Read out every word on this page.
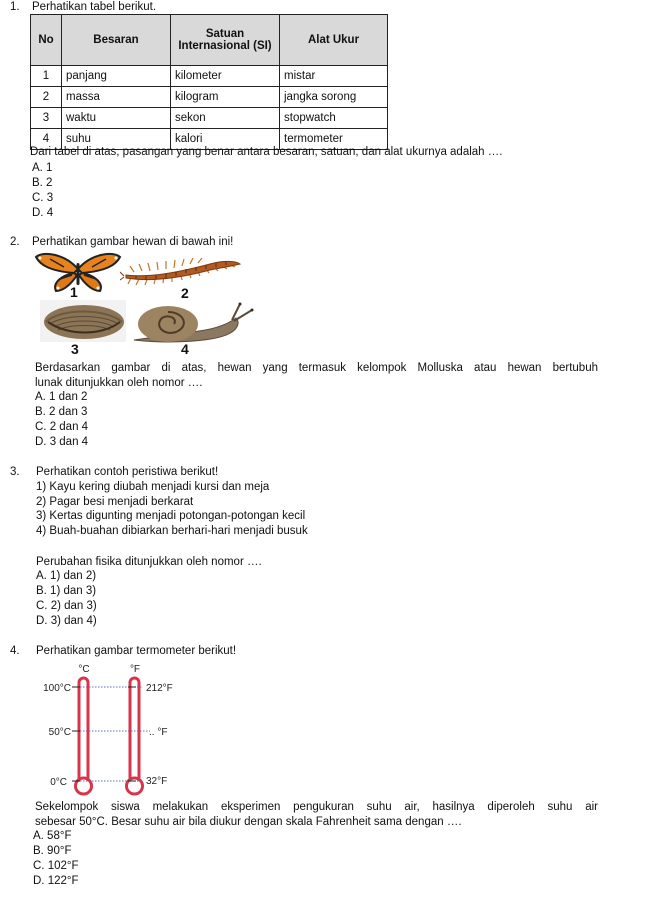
1. Perhatikan tabel berikut.
No	Besaran	Satuan Internasional (SI)	Alat Ukur
1	panjang	kilometer	mistar
2	massa	kilogram	jangka sorong
3	waktu	sekon	stopwatch
4	suhu	kalori	termometer
Dari tabel di atas, pasangan yang benar antara besaran, satuan, dan alat ukurnya adalah ….
A. 1
B. 2
C. 3
D. 4
2. Perhatikan gambar hewan di bawah ini!
1	2
3	4
Berdasarkan gambar di atas, hewan yang termasuk kelompok Molluska atau hewan bertubuh
lunak ditunjukkan oleh nomor ….
A. 1 dan 2
B. 2 dan 3
C. 2 dan 4
D. 3 dan 4
3. Perhatikan contoh peristiwa berikut!
1) Kayu kering diubah menjadi kursi dan meja
2) Pagar besi menjadi berkarat
3) Kertas digunting menjadi potongan-potongan kecil
4) Buah-buahan dibiarkan berhari-hari menjadi busuk
Perubahan fisika ditunjukkan oleh nomor ….
A. 1) dan 2)
B. 1) dan 3)
C. 2) dan 3)
D. 3) dan 4)
4. Perhatikan gambar termometer berikut!
°C	°F
100°C
50°C
0°C
212°F
.. °F
32°F
Sekelompok siswa melakukan eksperimen pengukuran suhu air, hasilnya diperoleh suhu air
sebesar 50°C. Besar suhu air bila diukur dengan skala Fahrenheit sama dengan ….
A. 58°F
B. 90°F
C. 102°F
D. 122°F
